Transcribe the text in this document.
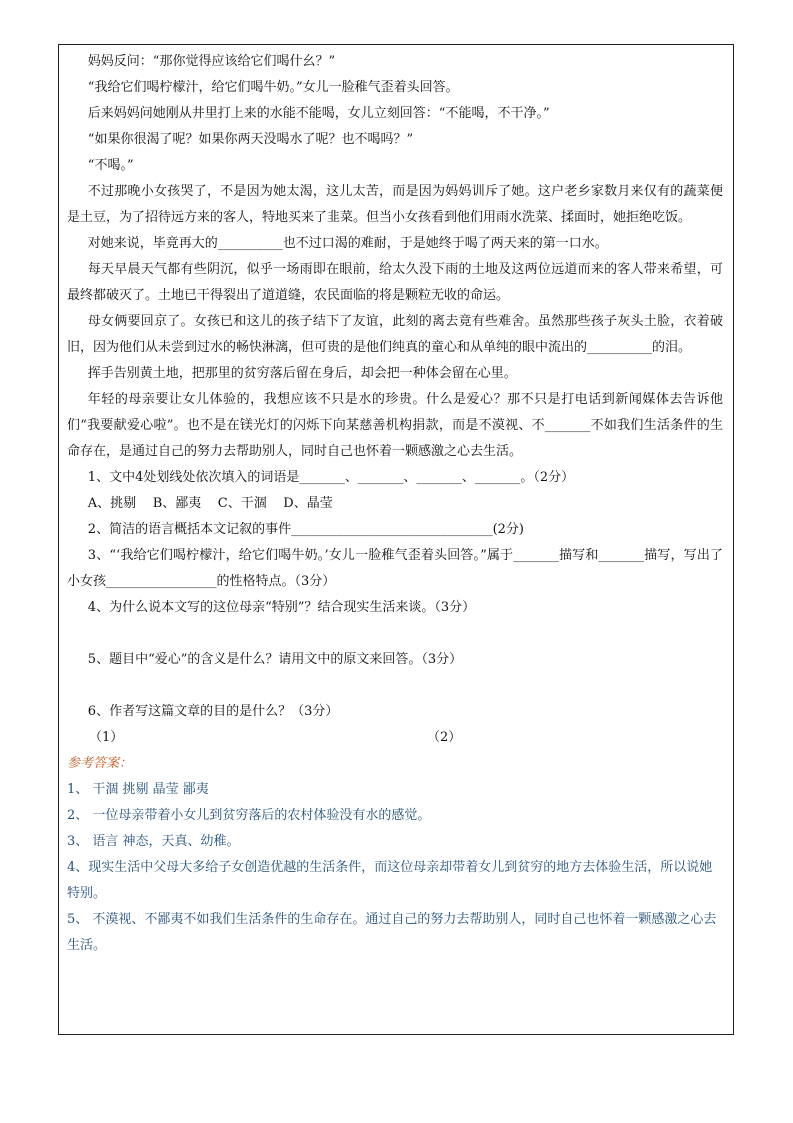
妈妈反问：“那你觉得应该给它们喝什幺？”
“我给它们喝柠檬汁，给它们喝牛奶。”女儿一脸稚气歪着头回答。
后来妈妈问她刚从井里打上来的水能不能喝，女儿立刻回答：“不能喝，不干净。”
“如果你很渴了呢？如果你两天没喝水了呢？也不喝吗？”
“不喝。”
不过那晚小女孩哭了，不是因为她太渴，这儿太苦，而是因为妈妈训斥了她。这户老乡家数月来仅有的蔬菜便是土豆，为了招待远方来的客人，特地买来了韭菜。但当小女孩看到他们用雨水洗菜、揉面时，她拒绝吃饭。
对她来说，毕竟再大的__________也不过口渴的难耐，于是她终于喝了两天来的第一口水。
每天早晨天气都有些阴沉，似乎一场雨即在眼前，给太久没下雨的土地及这两位远道而来的客人带来希望，可最终都破灭了。土地已干得裂出了道道缝，农民面临的将是颗粒无收的命运。
母女俩要回京了。女孩已和这儿的孩子结下了友谊，此刻的离去竟有些难舍。虽然那些孩子灰头土脸，衣着破旧，因为他们从未尝到过水的畅快淋漓，但可贵的是他们纯真的童心和从单纯的眼中流出的__________的泪。
挥手告别黄土地，把那里的贫穷落后留在身后，却会把一种体会留在心里。
年轻的母亲要让女儿体验的，我想应该不只是水的珍贵。什么是爱心？那不只是打电话到新闻媒体去告诉他们“我要献爱心啦”。也不是在镁光灯的闪烁下向某慈善机构捐款，而是不漠视、不_______不如我们生活条件的生命存在，是通过自己的努力去帮助别人，同时自己也怀着一颗感激之心去生活。
1、文中4处划线处依次填入的词语是_______、_______、_______、_______。（2分）
A、挑剔    B、鄙夷    C、干涸    D、晶莹
2、简洁的语言概括本文记叙的事件_______________________________(2分)
3、“‘我给它们喝柠檬汁，给它们喝牛奶。’女儿一脸稚气歪着头回答。”属于_______描写和_______描写，写出了小女孩_________________的性格特点。（3分）
4、为什么说本文写的这位母亲“特别”？结合现实生活来谈。（3分）
5、题目中“爱心”的含义是什么？请用文中的原文来回答。（3分）
6、作者写这篇文章的目的是什么？（3分）
（1）	（2）
参考答案：
1、 干涸 挑剔 晶莹 鄙夷
2、 一位母亲带着小女儿到贫穷落后的农村体验没有水的感觉。
3、 语言 神态，天真、幼稚。
4、现实生活中父母大多给子女创造优越的生活条件，而这位母亲却带着女儿到贫穷的地方去体验生活，所以说她特别。
5、 不漠视、不鄙夷不如我们生活条件的生命存在。通过自己的努力去帮助别人，同时自己也怀着一颗感激之心去生活。
